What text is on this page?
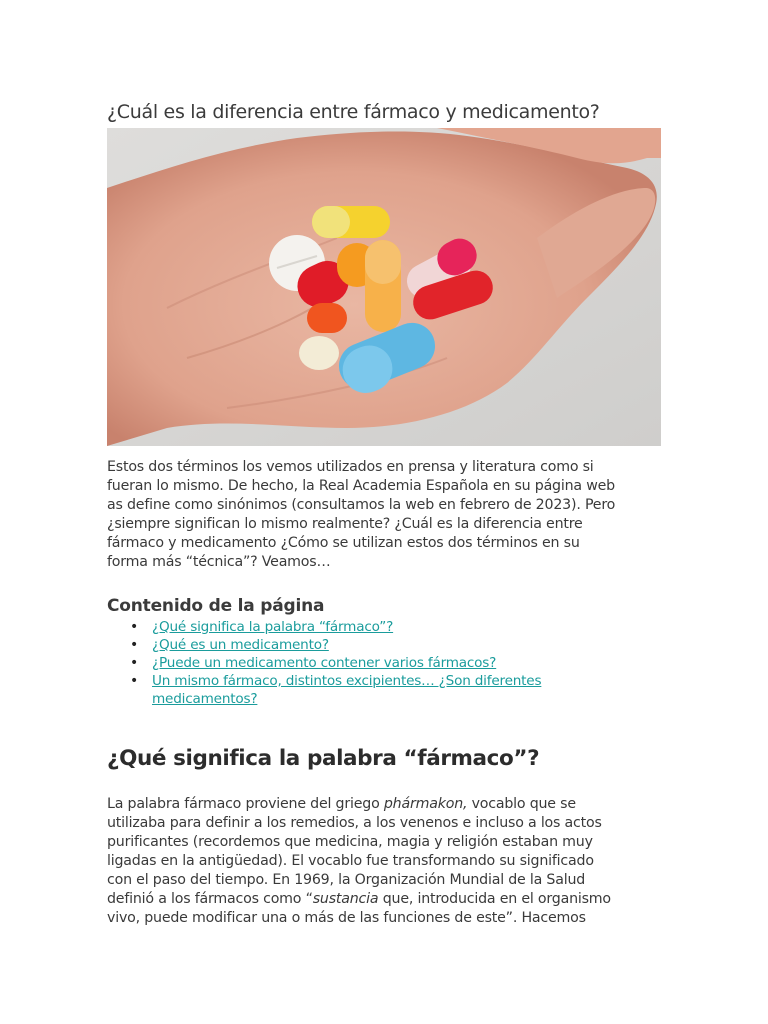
¿Cuál es la diferencia entre fármaco y medicamento?
Estos dos términos los vemos utilizados en prensa y literatura como si
fueran lo mismo. De hecho, la Real Academia Española en su página web
as define como sinónimos (consultamos la web en febrero de 2023). Pero
¿siempre significan lo mismo realmente? ¿Cuál es la diferencia entre
fármaco y medicamento ¿Cómo se utilizan estos dos términos en su
forma más “técnica”? Veamos…
Contenido de la página
• ¿Qué significa la palabra “fármaco”?
• ¿Qué es un medicamento?
• ¿Puede un medicamento contener varios fármacos?
• Un mismo fármaco, distintos excipientes… ¿Son diferentes
medicamentos?
¿Qué significa la palabra “fármaco”?
La palabra fármaco proviene del griego phármakon, vocablo que se
utilizaba para definir a los remedios, a los venenos e incluso a los actos
purificantes (recordemos que medicina, magia y religión estaban muy
ligadas en la antigüedad). El vocablo fue transformando su significado
con el paso del tiempo. En 1969, la Organización Mundial de la Salud
definió a los fármacos como “sustancia que, introducida en el organismo
vivo, puede modificar una o más de las funciones de este”. Hacemos
